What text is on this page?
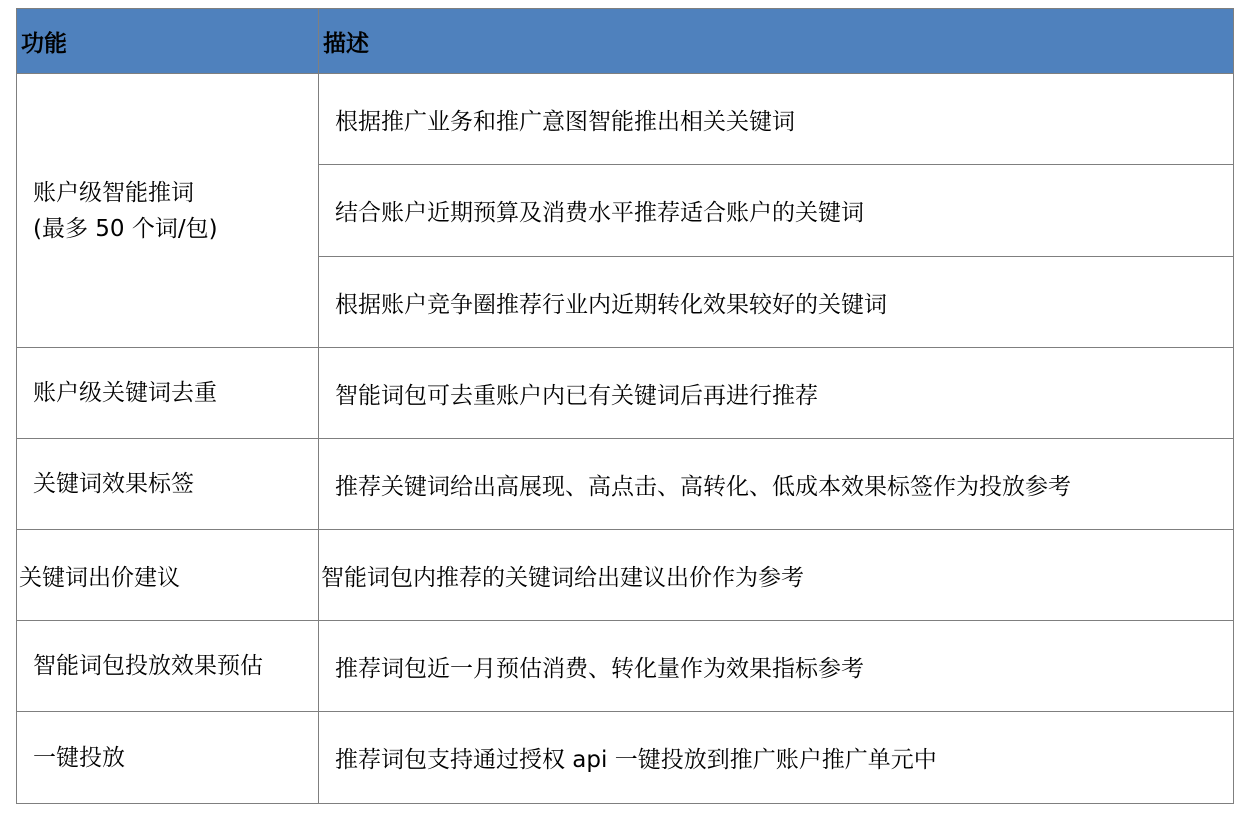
功能	描述

账户级智能推词
(最多 50 个词/包)	根据推广业务和推广意图智能推出相关关键词
	结合账户近期预算及消费水平推荐适合账户的关键词
	根据账户竞争圈推荐行业内近期转化效果较好的关键词
账户级关键词去重	智能词包可去重账户内已有关键词后再进行推荐
关键词效果标签	推荐关键词给出高展现、高点击、高转化、低成本效果标签作为投放参考
关键词出价建议	智能词包内推荐的关键词给出建议出价作为参考
智能词包投放效果预估	推荐词包近一月预估消费、转化量作为效果指标参考
一键投放	推荐词包支持通过授权 api 一键投放到推广账户推广单元中
